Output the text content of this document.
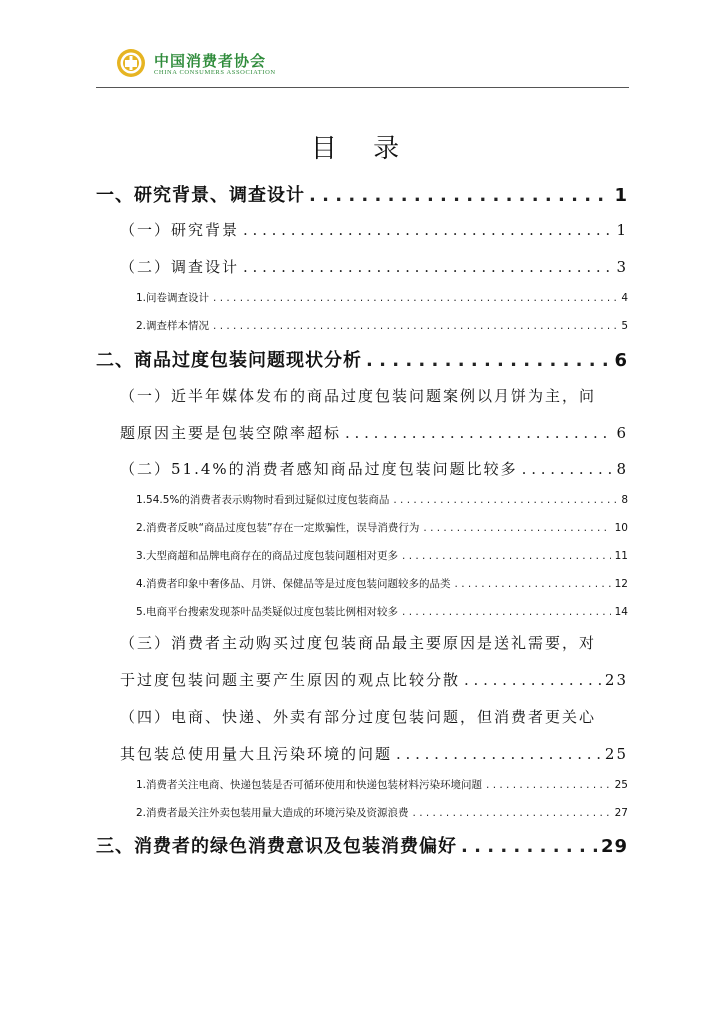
中国消费者协会
CHINA CONSUMERS ASSOCIATION
目 录
一、研究背景、调查设计 . . .	1
（一）研究背景 . . .	1
（二）调查设计 . . .	3
1.问卷调查设计 . . .	4
2.调查样本情况 . . .	5
二、商品过度包装问题现状分析 . . .	6
（一）近半年媒体发布的商品过度包装问题案例以月饼为主，问
题原因主要是包装空隙率超标 . . .	6
（二）51.4%的消费者感知商品过度包装问题比较多 . . .	8
1.54.5%的消费者表示购物时看到过疑似过度包装商品 . . .	8
2.消费者反映“商品过度包装”存在一定欺骗性，误导消费行为 . . .	10
3.大型商超和品牌电商存在的商品过度包装问题相对更多 . . .	11
4.消费者印象中奢侈品、月饼、保健品等是过度包装问题较多的品类 . . .	12
5.电商平台搜索发现茶叶品类疑似过度包装比例相对较多 . . .	14
（三）消费者主动购买过度包装商品最主要原因是送礼需要，对
于过度包装问题主要产生原因的观点比较分散 . . .	23
（四）电商、快递、外卖有部分过度包装问题，但消费者更关心
其包装总使用量大且污染环境的问题 . . .	25
1.消费者关注电商、快递包装是否可循环使用和快递包装材料污染环境问题 . . .	25
2.消费者最关注外卖包装用量大造成的环境污染及资源浪费 . . .	27
三、消费者的绿色消费意识及包装消费偏好 . . .	29
